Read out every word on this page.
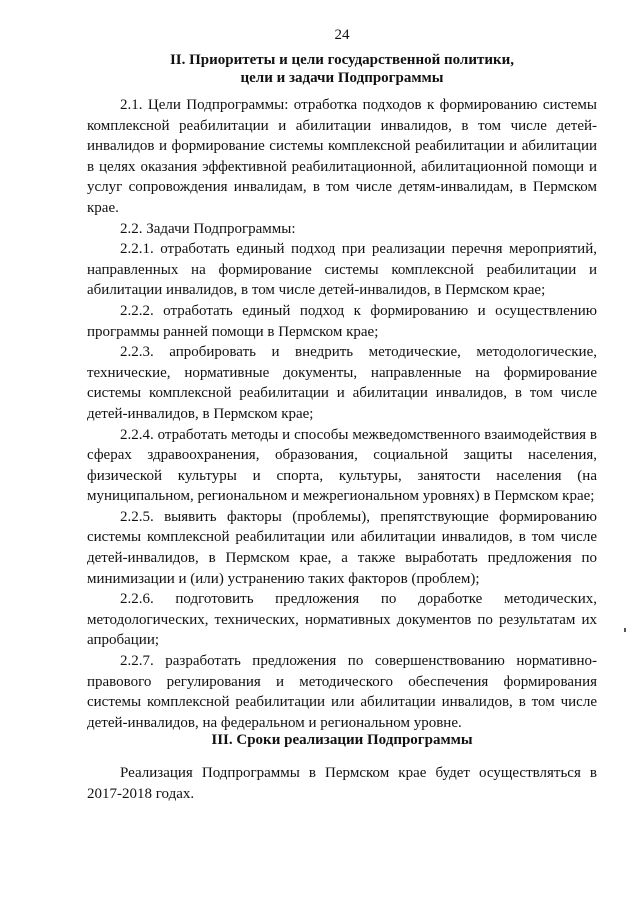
24

II. Приоритеты и цели государственной политики,

цели и задачи Подпрограммы

2.1. Цели Подпрограммы: отработка подходов к формированию системы комплексной реабилитации и абилитации инвалидов, в том числе детей-инвалидов и формирование системы комплексной реабилитации и абилитации в целях оказания эффективной реабилитационной, абилитационной помощи и услуг сопровождения инвалидам, в том числе детям-инвалидам, в Пермском крае.

2.2. Задачи Подпрограммы:

2.2.1. отработать единый подход при реализации перечня мероприятий, направленных на формирование системы комплексной реабилитации и абилитации инвалидов, в том числе детей-инвалидов, в Пермском крае;

2.2.2. отработать единый подход к формированию и осуществлению программы ранней помощи в Пермском крае;

2.2.3. апробировать и внедрить методические, методологические, технические, нормативные документы, направленные на формирование системы комплексной реабилитации и абилитации инвалидов, в том числе детей-инвалидов, в Пермском крае;

2.2.4. отработать методы и способы межведомственного взаимодействия в сферах здравоохранения, образования, социальной защиты населения, физической культуры и спорта, культуры, занятости населения (на муниципальном, региональном и межрегиональном уровнях) в Пермском крае;

2.2.5. выявить факторы (проблемы), препятствующие формированию системы комплексной реабилитации или абилитации инвалидов, в том числе детей-инвалидов, в Пермском крае, а также выработать предложения по минимизации и (или) устранению таких факторов (проблем);

2.2.6. подготовить предложения по доработке методических, методологических, технических, нормативных документов по результатам их апробации;

2.2.7. разработать предложения по совершенствованию нормативно-правового регулирования и методического обеспечения формирования системы комплексной реабилитации или абилитации инвалидов, в том числе детей-инвалидов, на федеральном и региональном уровне.

III. Сроки реализации Подпрограммы

Реализация Подпрограммы в Пермском крае будет осуществляться в 2017-2018 годах.
